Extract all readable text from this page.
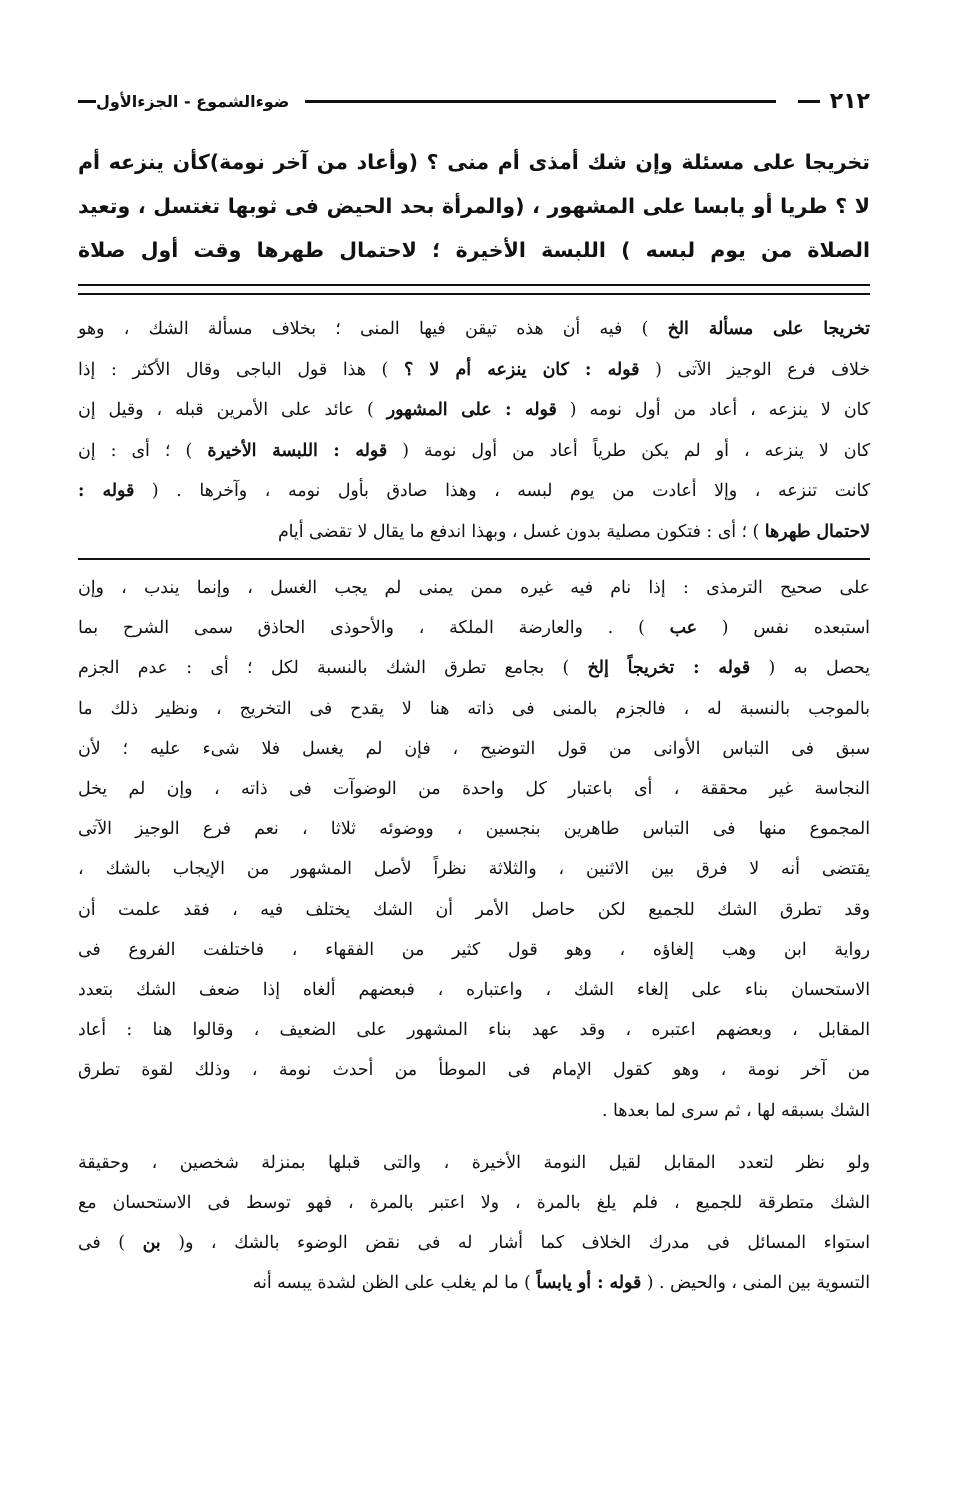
٢١٢
ضوءالشموع - الجزءالأول
تخريجا على مسئلة وإن شك أمذى أم منى ؟ (وأعاد من آخر نومة)كأن ينزعه أم
لا ؟ طريا أو يابسا على المشهور ، (والمرأة بحد الحيض فى ثوبها تغتسل ، وتعيد
الصلاة من يوم لبسه ) اللبسة الأخيرة ؛ لاحتمال طهرها وقت أول صلاة
تخريجا على مسألة الخ ) فيه أن هذه تيقن فيها المنى ؛ بخلاف مسألة الشك ، وهو
خلاف فرع الوجيز الآتى ( قوله : كان ينزعه أم لا ؟ ) هذا قول الباجى وقال الأكثر : إذا
كان لا ينزعه ، أعاد من أول نومه ( قوله : على المشهور ) عائد على الأمرين قبله ، وقيل إن
كان لا ينزعه ، أو لم يكن طرياً أعاد من أول نومة ( قوله : اللبسة الأخيرة ) ؛ أى : إن
كانت تنزعه ، وإلا أعادت من يوم لبسه ، وهذا صادق بأول نومه ، وآخرها . ( قوله :
لاحتمال طهرها ) ؛ أى : فتكون مصلية بدون غسل ، وبهذا اندفع ما يقال لا تقضى أيام
على صحيح الترمذى : إذا نام فيه غيره ممن يمنى لم يجب الغسل ، وإنما يندب ، وإن
استبعده نفس ( عب ) . والعارضة الملكة ، والأحوذى الحاذق سمى الشرح بما
يحصل به ( قوله : تخريجاً إلخ ) بجامع تطرق الشك بالنسبة لكل ؛ أى : عدم الجزم
بالموجب بالنسبة له ، فالجزم بالمنى فى ذاته هنا لا يقدح فى التخريج ، ونظير ذلك ما
سبق فى التباس الأوانى من قول التوضيح ، فإن لم يغسل فلا شىء عليه ؛ لأن
النجاسة غير محققة ، أى باعتبار كل واحدة من الوضوآت فى ذاته ، وإن لم يخل
المجموع منها فى التباس طاهرين بنجسين ، ووضوئه ثلاثا ، نعم فرع الوجيز الآتى
يقتضى أنه لا فرق بين الاثنين ، والثلاثة نظراً لأصل المشهور من الإيجاب بالشك ،
وقد تطرق الشك للجميع لكن حاصل الأمر أن الشك يختلف فيه ، فقد علمت أن
رواية ابن وهب إلغاؤه ، وهو قول كثير من الفقهاء ، فاختلفت الفروع فى
الاستحسان بناء على إلغاء الشك ، واعتباره ، فبعضهم ألغاه إذا ضعف الشك بتعدد
المقابل ، وبعضهم اعتبره ، وقد عهد بناء المشهور على الضعيف ، وقالوا هنا : أعاد
من آخر نومة ، وهو كقول الإمام فى الموطأ من أحدث نومة ، وذلك لقوة تطرق
الشك بسبقه لها ، ثم سرى لما بعدها .
ولو نظر لتعدد المقابل لقيل النومة الأخيرة ، والتى قبلها بمنزلة شخصين ، وحقيقة
الشك متطرقة للجميع ، فلم يلغ بالمرة ، ولا اعتبر بالمرة ، فهو توسط فى الاستحسان مع
استواء المسائل فى مدرك الخلاف كما أشار له فى نقض الوضوء بالشك ، و( بن ) فى
التسوية بين المنى ، والحيض . ( قوله : أو يابساً ) ما لم يغلب على الظن لشدة يبسه أنه
